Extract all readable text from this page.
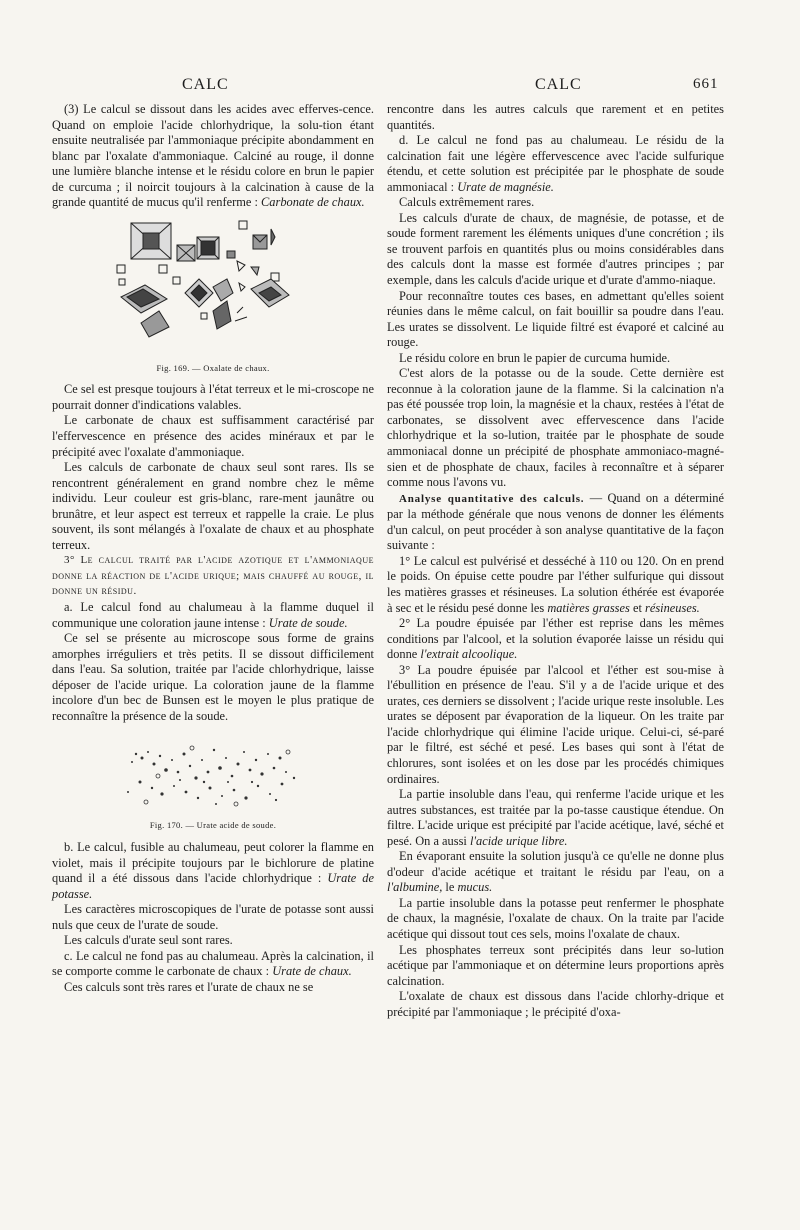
CALC	CALC	661

(3) Le calcul se dissout dans les acides avec efferves-cence. Quand on emploie l'acide chlorhydrique, la solu-tion étant ensuite neutralisée par l'ammoniaque précipite abondamment en blanc par l'oxalate d'ammoniaque. Calciné au rouge, il donne une lumière blanche intense et le résidu colore en brun le papier de curcuma ; il noircit toujours à la calcination à cause de la grande quantité de mucus qu'il renferme : Carbonate de chaux.

Fig. 169. — Oxalate de chaux.

Ce sel est presque toujours à l'état terreux et le mi-croscope ne pourrait donner d'indications valables.

Le carbonate de chaux est suffisamment caractérisé par l'effervescence en présence des acides minéraux et par le précipité avec l'oxalate d'ammoniaque.

Les calculs de carbonate de chaux seul sont rares. Ils se rencontrent généralement en grand nombre chez le même individu. Leur couleur est gris-blanc, rare-ment jaunâtre ou brunâtre, et leur aspect est terreux et rappelle la craie. Le plus souvent, ils sont mélangés à l'oxalate de chaux et au phosphate terreux.

3° Le calcul traité par l'acide azotique et l'ammoniaque donne la réaction de l'acide urique; mais chauffé au rouge, il donne un résidu.

a. Le calcul fond au chalumeau à la flamme duquel il communique une coloration jaune intense : Urate de soude.

Ce sel se présente au microscope sous forme de grains amorphes irréguliers et très petits. Il se dissout difficilement dans l'eau. Sa solution, traitée par l'acide chlorhydrique, laisse déposer de l'acide urique. La coloration jaune de la flamme incolore d'un bec de Bunsen est le moyen le plus pratique de reconnaître la présence de la soude.

Fig. 170. — Urate acide de soude.

b. Le calcul, fusible au chalumeau, peut colorer la flamme en violet, mais il précipite toujours par le bichlorure de platine quand il a été dissous dans l'acide chlorhydrique : Urate de potasse.

Les caractères microscopiques de l'urate de potasse sont aussi nuls que ceux de l'urate de soude.

Les calculs d'urate seul sont rares.

c. Le calcul ne fond pas au chalumeau. Après la calcination, il se comporte comme le carbonate de chaux : Urate de chaux.

Ces calculs sont très rares et l'urate de chaux ne se

rencontre dans les autres calculs que rarement et en petites quantités.

d. Le calcul ne fond pas au chalumeau. Le résidu de la calcination fait une légère effervescence avec l'acide sulfurique étendu, et cette solution est précipitée par le phosphate de soude ammoniacal : Urate de magnésie.

Calculs extrêmement rares.

Les calculs d'urate de chaux, de magnésie, de potasse, et de soude forment rarement les éléments uniques d'une concrétion ; ils se trouvent parfois en quantités plus ou moins considérables dans des calculs dont la masse est formée d'autres principes ; par exemple, dans les calculs d'acide urique et d'urate d'ammo-niaque.

Pour reconnaître toutes ces bases, en admettant qu'elles soient réunies dans le même calcul, on fait bouillir sa poudre dans l'eau. Les urates se dissolvent. Le liquide filtré est évaporé et calciné au rouge.

Le résidu colore en brun le papier de curcuma humide.

C'est alors de la potasse ou de la soude. Cette dernière est reconnue à la coloration jaune de la flamme. Si la calcination n'a pas été poussée trop loin, la magnésie et la chaux, restées à l'état de carbonates, se dissolvent avec effervescence dans l'acide chlorhydrique et la so-lution, traitée par le phosphate de soude ammoniacal donne un précipité de phosphate ammoniaco-magné-sien et de phosphate de chaux, faciles à reconnaître et à séparer comme nous l'avons vu.

Analyse quantitative des calculs. — Quand on a déterminé par la méthode générale que nous venons de donner les éléments d'un calcul, on peut procéder à son analyse quantitative de la façon suivante :

1° Le calcul est pulvérisé et desséché à 110 ou 120. On en prend le poids. On épuise cette poudre par l'éther sulfurique qui dissout les matières grasses et résineuses. La solution éthérée est évaporée à sec et le résidu pesé donne les matières grasses et résineuses.

2° La poudre épuisée par l'éther est reprise dans les mêmes conditions par l'alcool, et la solution évaporée laisse un résidu qui donne l'extrait alcoolique.

3° La poudre épuisée par l'alcool et l'éther est sou-mise à l'ébullition en présence de l'eau. S'il y a de l'acide urique et des urates, ces derniers se dissolvent ; l'acide urique reste insoluble. Les urates se déposent par évaporation de la liqueur. On les traite par l'acide chlorhydrique qui élimine l'acide urique. Celui-ci, sé-paré par le filtré, est séché et pesé. Les bases qui sont à l'état de chlorures, sont isolées et on les dose par les procédés chimiques ordinaires.

La partie insoluble dans l'eau, qui renferme l'acide urique et les autres substances, est traitée par la po-tasse caustique étendue. On filtre. L'acide urique est précipité par l'acide acétique, lavé, séché et pesé. On a aussi l'acide urique libre.

En évaporant ensuite la solution jusqu'à ce qu'elle ne donne plus d'odeur d'acide acétique et traitant le résidu par l'eau, on a l'albumine, le mucus.

La partie insoluble dans la potasse peut renfermer le phosphate de chaux, la magnésie, l'oxalate de chaux. On la traite par l'acide acétique qui dissout tout ces sels, moins l'oxalate de chaux.

Les phosphates terreux sont précipités dans leur so-lution acétique par l'ammoniaque et on détermine leurs proportions après calcination.

L'oxalate de chaux est dissous dans l'acide chlorhy-drique et précipité par l'ammoniaque ; le précipité d'oxa-
